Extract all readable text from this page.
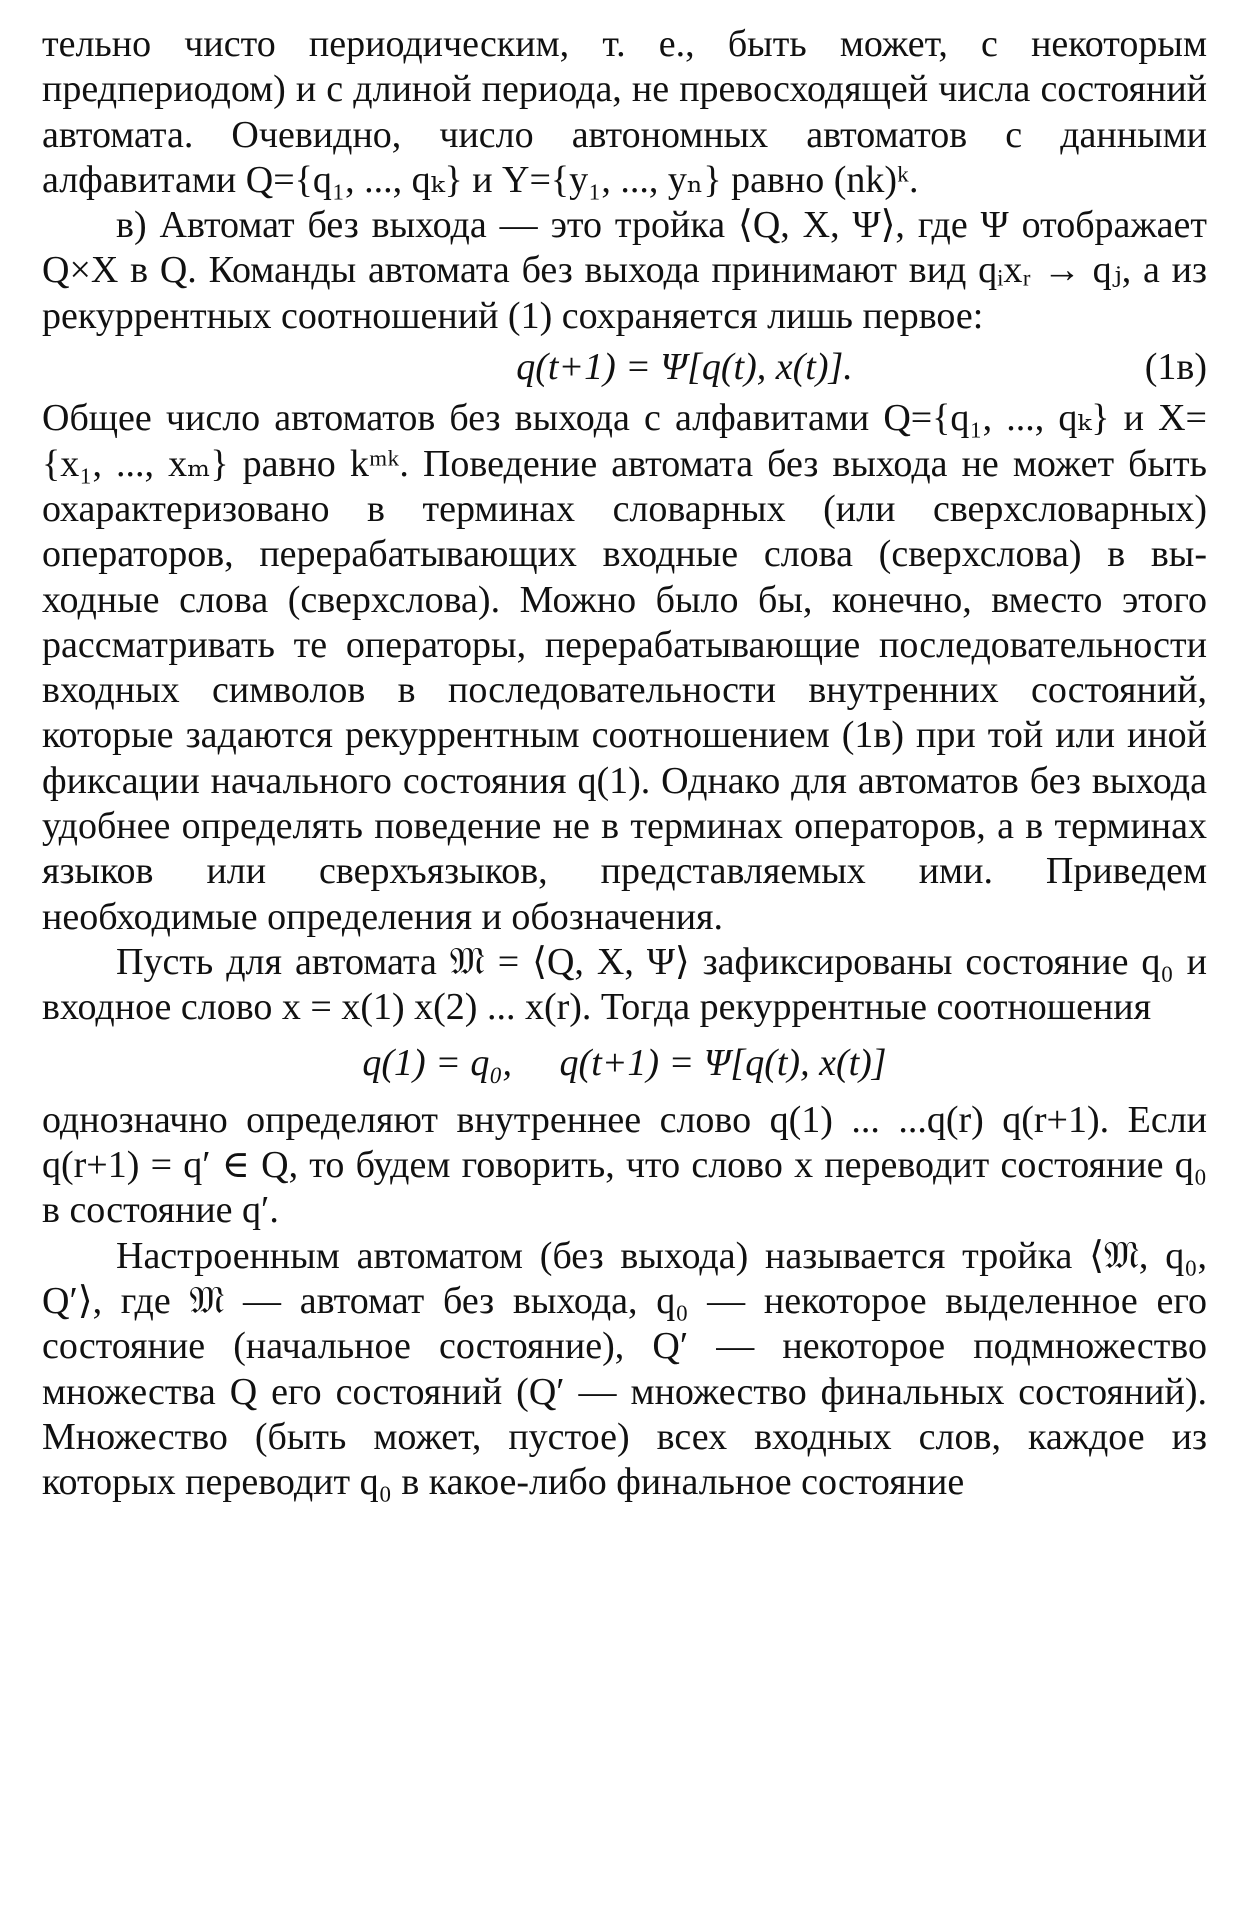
тельно чисто периодическим, т. е., быть может, с некоторым предпериодом) и с длиной периода, не превосходящей числа состояний автомата. Очевидно, число автономных автоматов с данными алфавитами Q={q₁, ..., qₖ} и Y={y₁, ..., yₙ} равно (nk)ᵏ.

в) Автомат без выхода — это тройка ⟨Q, X, Ψ⟩, где Ψ отображает Q×X в Q. Команды автомата без выхода принимают вид qᵢxᵣ → qⱼ, а из рекуррентных соотношений (1) сохраняется лишь первое:

q(t+1) = Ψ[q(t), x(t)].	(1в)

Общее число автоматов без выхода с алфавитами Q={q₁, ..., qₖ} и X={x₁, ..., xₘ} равно kᵐᵏ. Поведение автомата без выхода не может быть охарактеризовано в терминах словарных (или сверхсловарных) операторов, перерабатывающих входные слова (сверхслова) в выходные слова (сверхслова). Можно было бы, конечно, вместо этого рассматривать те операторы, перерабатывающие последовательности входных символов в последовательности внутренних состояний, которые задаются рекуррентным соотношением (1в) при той или иной фиксации начального состояния q(1). Однако для автоматов без выхода удобнее определять поведение не в терминах операторов, а в терминах языков или сверхъязыков, представляемых ими. Приведем необходимые определения и обозначения.

Пусть для автомата 𝔐 = ⟨Q, X, Ψ⟩ зафиксированы состояние q₀ и входное слово x = x(1) x(2) ... x(r). Тогда рекуррентные соотношения

q(1) = q₀,     q(t+1) = Ψ[q(t), x(t)]

однозначно определяют внутреннее слово q(1) ... ...q(r) q(r+1). Если q(r+1) = q′ ∈ Q, то будем говорить, что слово x переводит состояние q₀ в состояние q′.

Настроенным автоматом (без выхода) называется тройка ⟨𝔐, q₀, Q′⟩, где 𝔐 — автомат без выхода, q₀ — некоторое выделенное его состояние (начальное состояние), Q′ — некоторое подмножество множества Q его состояний (Q′ — множество финальных состояний). Множество (быть может, пустое) всех входных слов, каждое из которых переводит q₀ в какое-либо финальное состояние
